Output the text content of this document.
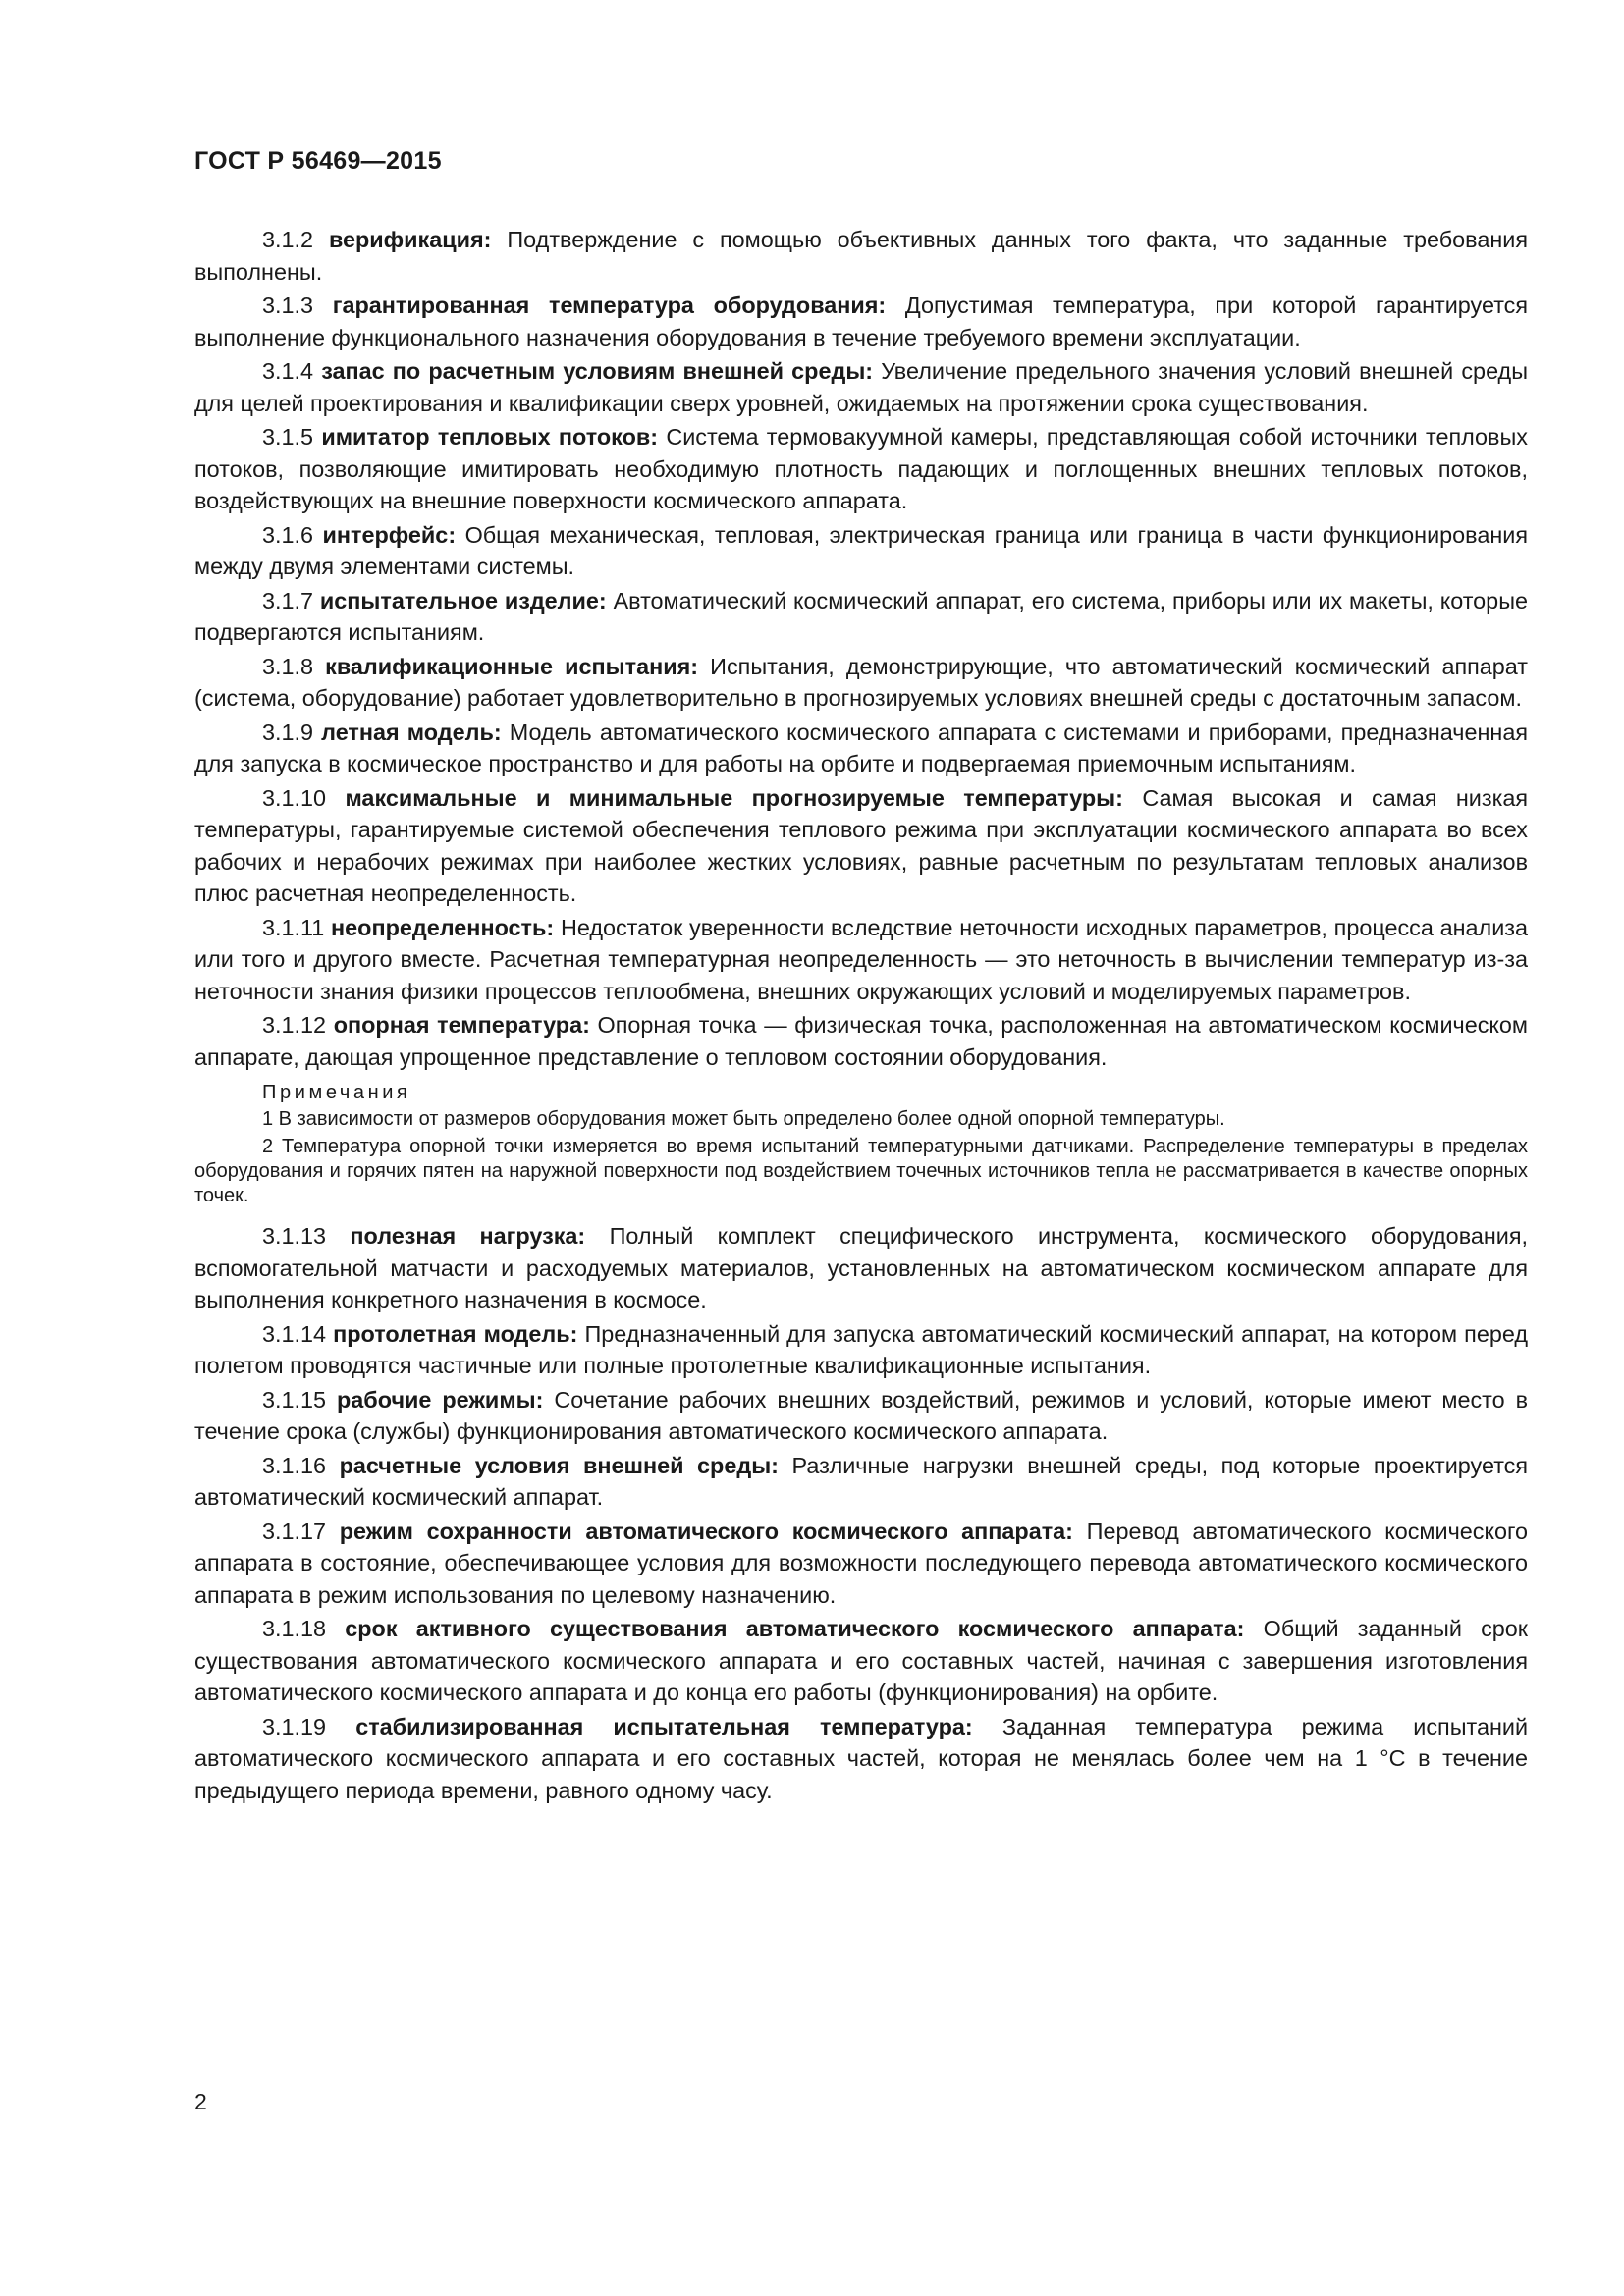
ГОСТ Р 56469—2015

3.1.2 верификация: Подтверждение с помощью объективных данных того факта, что заданные требования выполнены.

3.1.3 гарантированная температура оборудования: Допустимая температура, при которой гарантируется выполнение функционального назначения оборудования в течение требуемого времени эксплуатации.

3.1.4 запас по расчетным условиям внешней среды: Увеличение предельного значения условий внешней среды для целей проектирования и квалификации сверх уровней, ожидаемых на протяжении срока существования.

3.1.5 имитатор тепловых потоков: Система термовакуумной камеры, представляющая собой источники тепловых потоков, позволяющие имитировать необходимую плотность падающих и поглощенных внешних тепловых потоков, воздействующих на внешние поверхности космического аппарата.

3.1.6 интерфейс: Общая механическая, тепловая, электрическая граница или граница в части функционирования между двумя элементами системы.

3.1.7 испытательное изделие: Автоматический космический аппарат, его система, приборы или их макеты, которые подвергаются испытаниям.

3.1.8 квалификационные испытания: Испытания, демонстрирующие, что автоматический космический аппарат (система, оборудование) работает удовлетворительно в прогнозируемых условиях внешней среды с достаточным запасом.

3.1.9 летная модель: Модель автоматического космического аппарата с системами и приборами, предназначенная для запуска в космическое пространство и для работы на орбите и подвергаемая приемочным испытаниям.

3.1.10 максимальные и минимальные прогнозируемые температуры: Самая высокая и самая низкая температуры, гарантируемые системой обеспечения теплового режима при эксплуатации космического аппарата во всех рабочих и нерабочих режимах при наиболее жестких условиях, равные расчетным по результатам тепловых анализов плюс расчетная неопределенность.

3.1.11 неопределенность: Недостаток уверенности вследствие неточности исходных параметров, процесса анализа или того и другого вместе. Расчетная температурная неопределенность — это неточность в вычислении температур из-за неточности знания физики процессов теплообмена, внешних окружающих условий и моделируемых параметров.

3.1.12 опорная температура: Опорная точка — физическая точка, расположенная на автоматическом космическом аппарате, дающая упрощенное представление о тепловом состоянии оборудования.

Примечания

1 В зависимости от размеров оборудования может быть определено более одной опорной температуры.

2 Температура опорной точки измеряется во время испытаний температурными датчиками. Распределение температуры в пределах оборудования и горячих пятен на наружной поверхности под воздействием точечных источников тепла не рассматривается в качестве опорных точек.

3.1.13 полезная нагрузка: Полный комплект специфического инструмента, космического оборудования, вспомогательной матчасти и расходуемых материалов, установленных на автоматическом космическом аппарате для выполнения конкретного назначения в космосе.

3.1.14 протолетная модель: Предназначенный для запуска автоматический космический аппарат, на котором перед полетом проводятся частичные или полные протолетные квалификационные испытания.

3.1.15 рабочие режимы: Сочетание рабочих внешних воздействий, режимов и условий, которые имеют место в течение срока (службы) функционирования автоматического космического аппарата.

3.1.16 расчетные условия внешней среды: Различные нагрузки внешней среды, под которые проектируется автоматический космический аппарат.

3.1.17 режим сохранности автоматического космического аппарата: Перевод автоматического космического аппарата в состояние, обеспечивающее условия для возможности последующего перевода автоматического космического аппарата в режим использования по целевому назначению.

3.1.18 срок активного существования автоматического космического аппарата: Общий заданный срок существования автоматического космического аппарата и его составных частей, начиная с завершения изготовления автоматического космического аппарата и до конца его работы (функционирования) на орбите.

3.1.19 стабилизированная испытательная температура: Заданная температура режима испытаний автоматического космического аппарата и его составных частей, которая не менялась более чем на 1 °С в течение предыдущего периода времени, равного одному часу.

2
